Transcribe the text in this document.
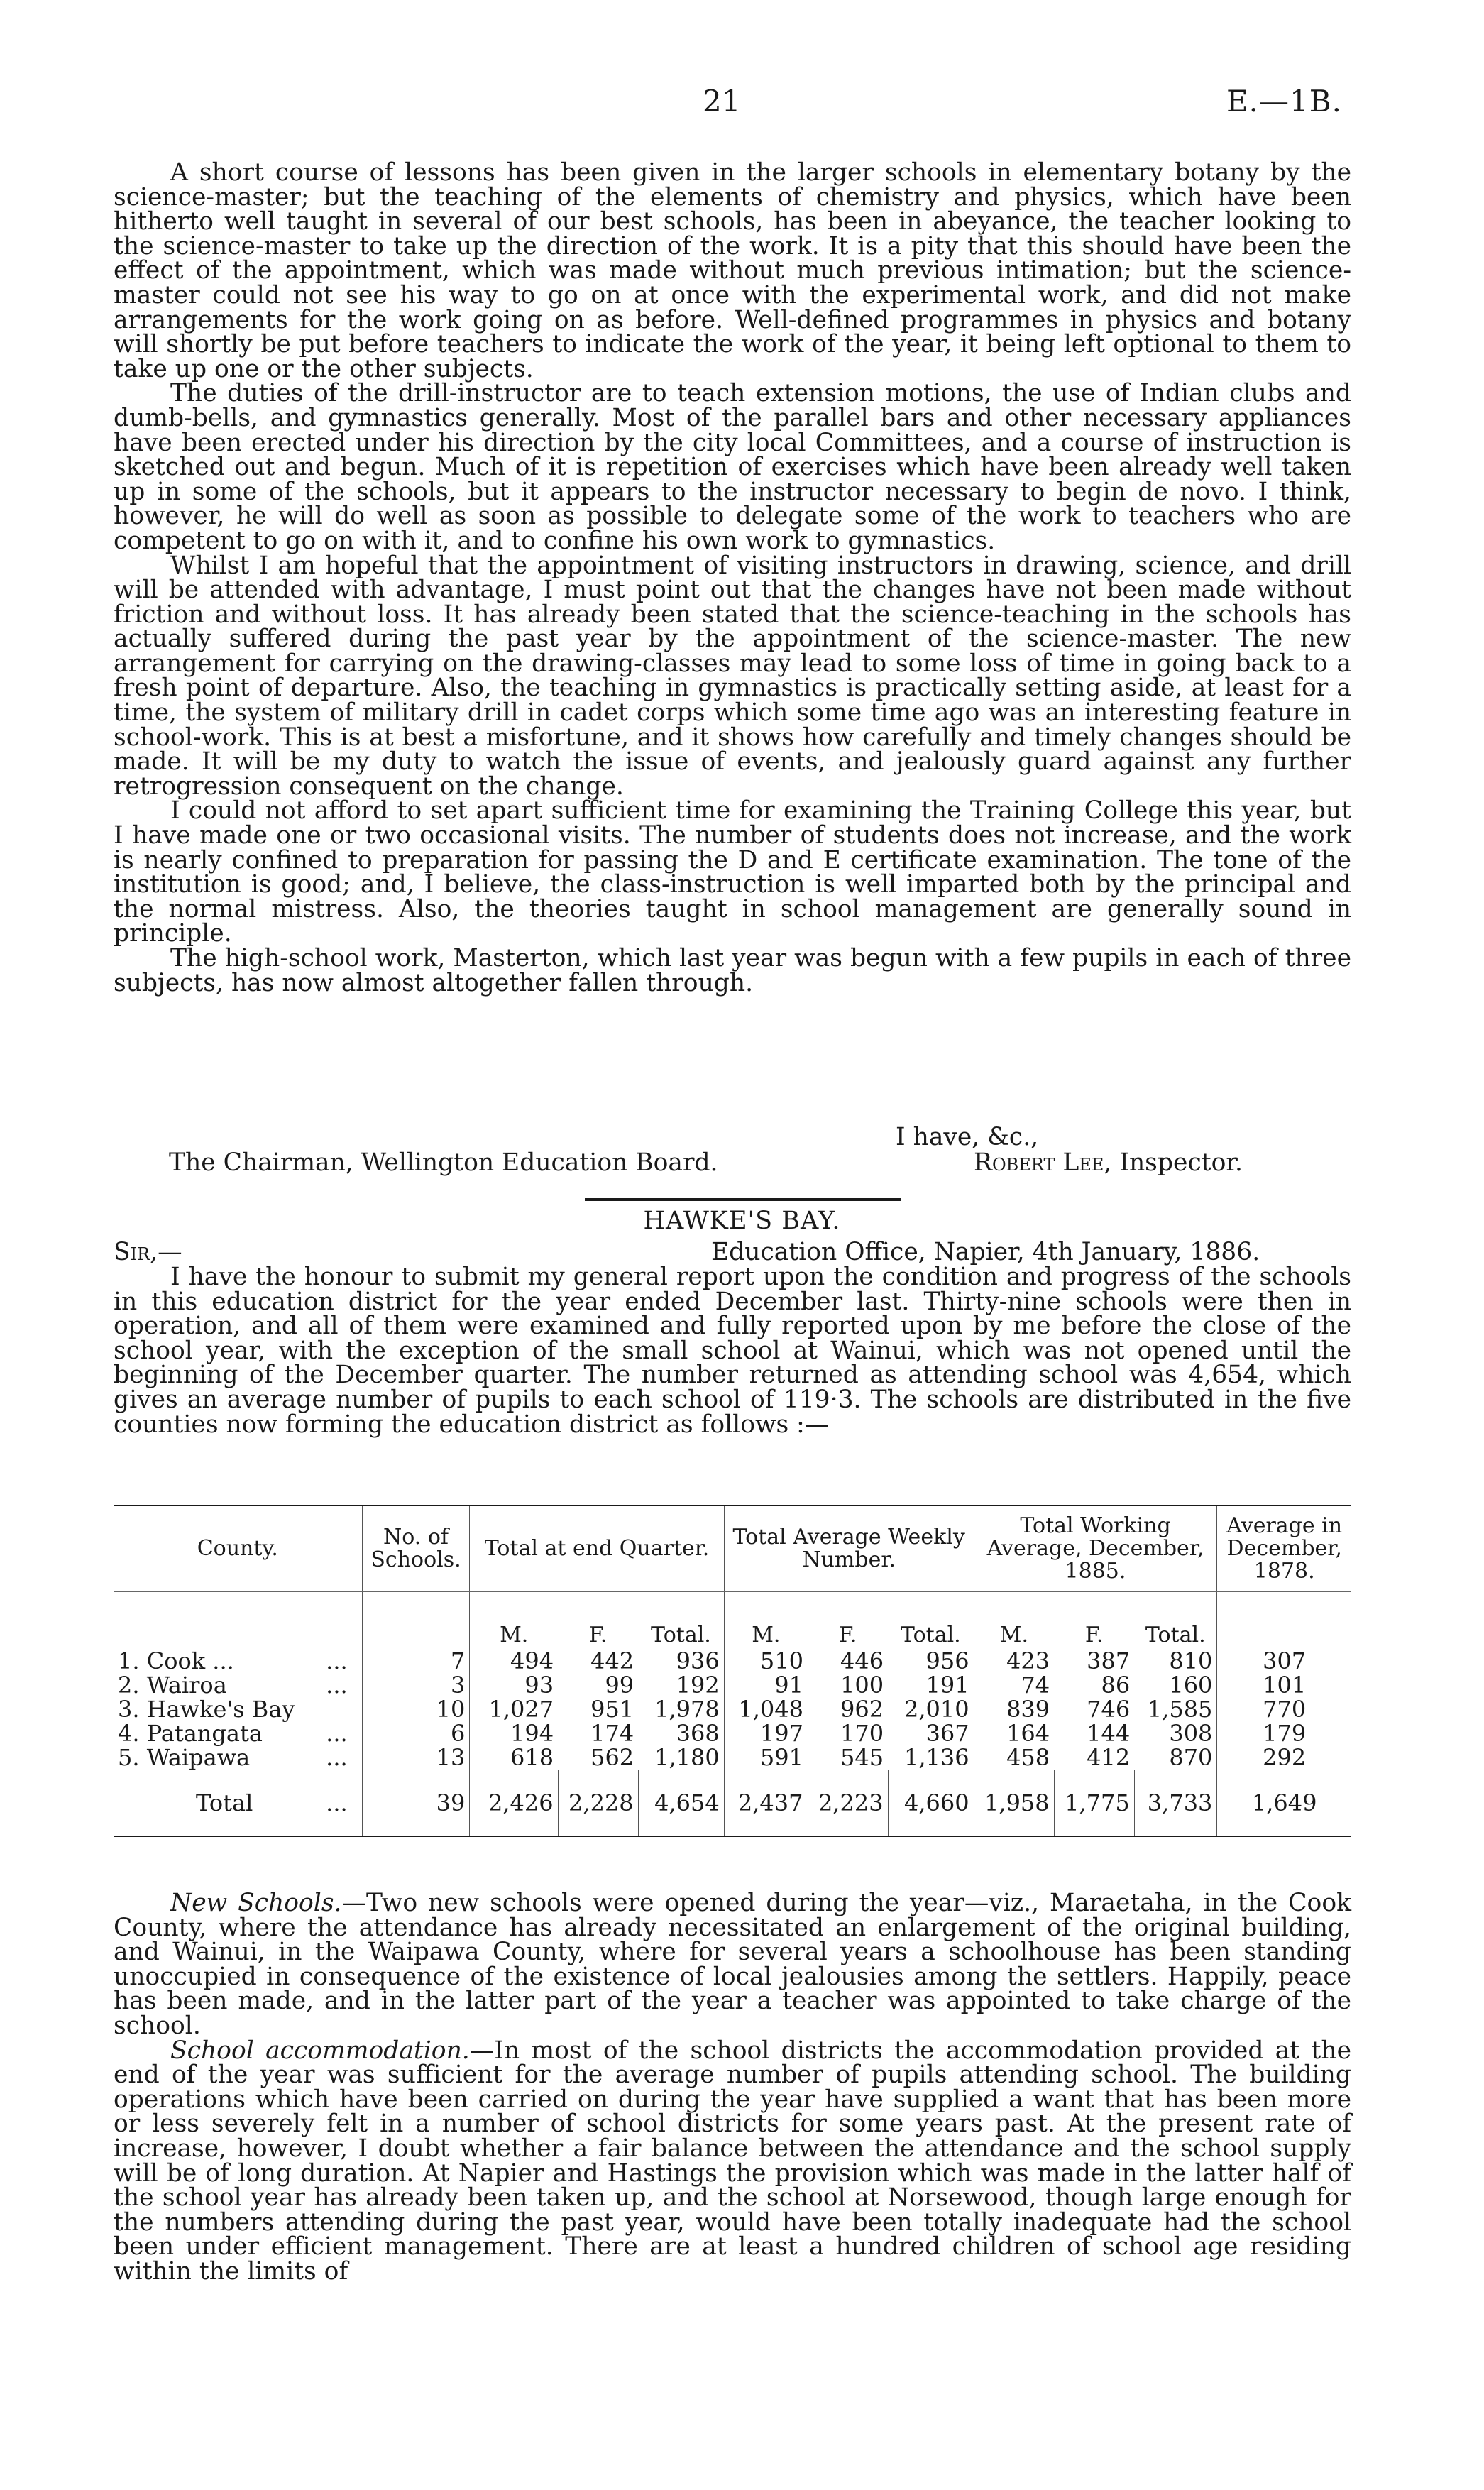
21	E.—1B.

A short course of lessons has been given in the larger schools in elementary botany by the science-master; but the teaching of the elements of chemistry and physics, which have been hitherto well taught in several of our best schools, has been in abeyance, the teacher looking to the science-master to take up the direction of the work. It is a pity that this should have been the effect of the appointment, which was made without much previous intimation; but the science-master could not see his way to go on at once with the experimental work, and did not make arrangements for the work going on as before. Well-defined programmes in physics and botany will shortly be put before teachers to indicate the work of the year, it being left optional to them to take up one or the other subjects.

The duties of the drill-instructor are to teach extension motions, the use of Indian clubs and dumb-bells, and gymnastics generally. Most of the parallel bars and other necessary appliances have been erected under his direction by the city local Committees, and a course of instruction is sketched out and begun. Much of it is repetition of exercises which have been already well taken up in some of the schools, but it appears to the instructor necessary to begin de novo. I think, however, he will do well as soon as possible to delegate some of the work to teachers who are competent to go on with it, and to confine his own work to gymnastics.

Whilst I am hopeful that the appointment of visiting instructors in drawing, science, and drill will be attended with advantage, I must point out that the changes have not been made without friction and without loss. It has already been stated that the science-teaching in the schools has actually suffered during the past year by the appointment of the science-master. The new arrangement for carrying on the drawing-classes may lead to some loss of time in going back to a fresh point of departure. Also, the teaching in gymnastics is practically setting aside, at least for a time, the system of military drill in cadet corps which some time ago was an interesting feature in school-work. This is at best a misfortune, and it shows how carefully and timely changes should be made. It will be my duty to watch the issue of events, and jealously guard against any further retrogression consequent on the change.

I could not afford to set apart sufficient time for examining the Training College this year, but I have made one or two occasional visits. The number of students does not increase, and the work is nearly confined to preparation for passing the D and E certificate examination. The tone of the institution is good; and, I believe, the class-instruction is well imparted both by the principal and the normal mistress. Also, the theories taught in school management are generally sound in principle.

The high-school work, Masterton, which last year was begun with a few pupils in each of three subjects, has now almost altogether fallen through.

I have, &c.,
The Chairman, Wellington Education Board.	Robert Lee, Inspector.
HAWKE'S BAY.
Sir,—	Education Office, Napier, 4th January, 1886.

I have the honour to submit my general report upon the condition and progress of the schools in this education district for the year ended December last. Thirty-nine schools were then in operation, and all of them were examined and fully reported upon by me before the close of the school year, with the exception of the small school at Wainui, which was not opened until the beginning of the December quarter. The number returned as attending school was 4,654, which gives an average number of pupils to each school of 119·3. The schools are distributed in the five counties now forming the education district as follows :—

County.	No. of Schools.	Total at end Quarter.			Total Average Weekly Number.			Total Working Average, December, 1885.			Average in December, 1878.
		M.	F.	Total.	M.	F.	Total.	M.	F.	Total.	

1. Cook ... ...	7	494	442	936	510	446	956	423	387	810	307

2. Wairoa ...	3	93	99	192	91	100	191	74	86	160	101

3. Hawke's Bay	10	1,027	951	1,978	1,048	962	2,010	839	746	1,585	770

4. Patangata ...	6	194	174	368	197	170	367	164	144	308	179

5. Waipawa ...	13	618	562	1,180	591	545	1,136	458	412	870	292

Total ...	39	2,426	2,228	4,654	2,437	2,223	4,660	1,958	1,775	3,733	1,649

New Schools.—Two new schools were opened during the year—viz., Maraetaha, in the Cook County, where the attendance has already necessitated an enlargement of the original building, and Wainui, in the Waipawa County, where for several years a schoolhouse has been standing unoccupied in consequence of the existence of local jealousies among the settlers. Happily, peace has been made, and in the latter part of the year a teacher was appointed to take charge of the school.

School accommodation.—In most of the school districts the accommodation provided at the end of the year was sufficient for the average number of pupils attending school. The building operations which have been carried on during the year have supplied a want that has been more or less severely felt in a number of school districts for some years past. At the present rate of increase, however, I doubt whether a fair balance between the attendance and the school supply will be of long duration. At Napier and Hastings the provision which was made in the latter half of the school year has already been taken up, and the school at Norsewood, though large enough for the numbers attending during the past year, would have been totally inadequate had the school been under efficient management. There are at least a hundred children of school age residing within the limits of
